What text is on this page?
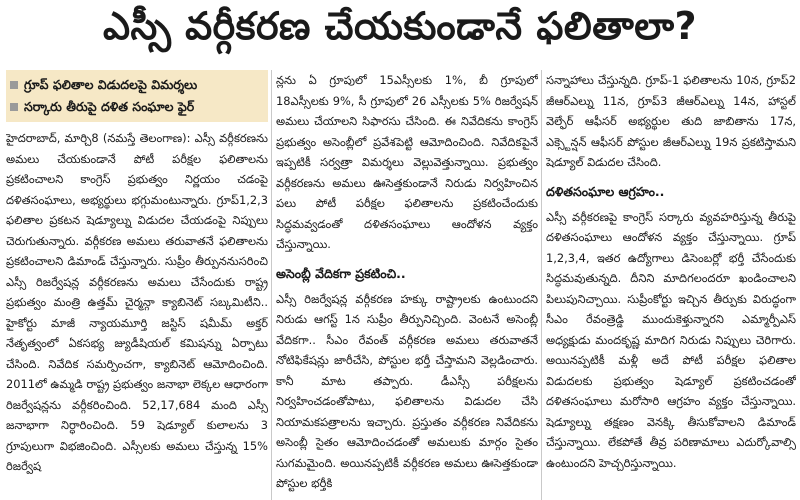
ఎస్సీ వర్గీకరణ చేయకుండానే ఫలితాలా?
గ్రూప్ ఫలితాల విడుదలపై విమర్శలు
సర్కారు తీరుపై దళిత సంఘాల ఫైర్

హైదరాబాద్, మార్చి8 (నమస్తే తెలంగాణ): ఎస్సీ వర్గీకరణను అమలు చేయకుండానే పోటీ పరీక్షల ఫలితాలను ప్రకటించాలని కాంగ్రెస్ ప్రభుత్వం నిర్ణయం చడంపై దళితసంఘాలు, అభ్యర్థులు భగ్గుమంటున్నారు. గ్రూప్1,2,3 ఫలితాల ప్రకటన షెడ్యూల్ను విడుదల చేయడంపై నిప్పులు చెరుగుతున్నారు. వర్గీకరణ అమలు తరువాతనే ఫలితాలను ప్రకటించాలని డిమాండ్ చేస్తున్నారు. సుప్రీం తీర్పుననుసరించి ఎస్సీ రిజర్వేషన్ల వర్గీకరణను అమలు చేసేందుకు రాష్ట్ర ప్రభుత్వం మంత్రి ఉత్తమ్ చైర్మన్గా క్యాబినెట్ సబ్కమిటీని.. హైకోర్టు మాజీ న్యాయమూర్తి జస్టిస్ షమీమ్ అక్తర్ నేతృత్వంలో ఏకసభ్య జ్యుడీషియల్ కమిషన్ను ఏర్పాటు చేసింది. నివేదిక సమర్పించగా, క్యాబినెట్ ఆమోదించింది. 2011లో ఉమ్మడి రాష్ట్ర ప్రభుత్వం జనాభా లెక్కల ఆధారంగా రిజర్వేషన్లను వర్గీకరించింది. 52,17,684 మంది ఎస్సీ జనాభాగా నిర్ధారించింది. 59 షెడ్యూల్ కులాలను 3 గ్రూపులుగా విభజించింది. ఎస్సీలకు అమలు చేస్తున్న 15% రిజర్వేష

న్లను ఏ గ్రూపులో 15ఎస్సీలకు 1%, బీ గ్రూపులో 18ఎస్సీలకు 9%, సీ గ్రూపులో 26 ఎస్సీలకు 5% రిజర్వేషన్ అమలు చేయాలని సిఫారసు చేసింది. ఈ నివేదికను కాంగ్రెస్ ప్రభుత్వం అసెంబ్లీలో ప్రవేశపెట్టి ఆమోదించింది. నివేదికపైనే ఇప్పటికీ సర్వత్రా విమర్శలు వెల్లువెత్తున్నాయి. ప్రభుత్వం వర్గీకరణను అమలు ఊసెత్తకుండానే నిరుడు నిర్వహించిన పలు పోటీ పరీక్షల ఫలితాలను ప్రకటించేందుకు సిద్ధమవ్వడంతో దళితసంఘాలు ఆందోళన వ్యక్తం చేస్తున్నాయి.

అసెంబ్లీ వేదికగా ప్రకటించి..

ఎస్సీ రిజర్వేషన్ల వర్గీకరణ హక్కు రాష్ట్రాలకు ఉంటుందని నిరుడు ఆగస్ట్ 1న సుప్రీం తీర్పునిచ్చింది. వెంటనే అసెంబ్లీ వేదికగా.. సీఎం రేవంత్ వర్గీకరణ అమలు తరువాతనే నోటిఫికేషన్లు జారీచేసి, పోస్టుల భర్తీ చేస్తామని వెల్లడించారు. కానీ మాట తప్పారు. డీఎస్సీ పరీక్షలను నిర్వహించడంతోపాటు, ఫలితాలను విడుదల చేసి నియామకపత్రాలను ఇచ్చారు. ప్రస్తుతం వర్గీకరణ నివేదికను అసెంబ్లీ సైతం ఆమోదించడంతో అమలుకు మార్గం సైతం సుగమమైంది. అయినప్పటికీ వర్గీకరణ అమలు ఊసెత్తకుండా పోస్టుల భర్తీకి

సన్నాహాలు చేస్తున్నది. గ్రూప్-1 ఫలితాలను 10న, గ్రూప్2 జీఆర్ఎల్ను 11న, గ్రూప్3 జీఆర్ఎల్ను 14న, హాస్టల్ వెల్ఫేర్ ఆఫీసర్ అభ్యర్థుల తుది జాబితాను 17న, ఎక్స్టెన్షన్ ఆఫీసర్ పోస్టుల జీఆర్ఎల్ను 19న ప్రకటిస్తామని షెడ్యూల్ విడుదల చేసింది.

దళితసంఘాల ఆగ్రహం..

ఎస్సీ వర్గీకరణపై కాంగ్రెస్ సర్కారు వ్యవహరిస్తున్న తీరుపై దళితసంఘాలు ఆందోళన వ్యక్తం చేస్తున్నాయి. గ్రూప్ 1,2,3,4, ఇతర ఉద్యోగాలు డిసెంబర్లో భర్తీ చేసేందుకు సిద్ధమవుతున్నది. దీనిని మాదిగలందరూ ఖండించాలని పిలుపునిచ్చాయి. సుప్రీంకోర్టు ఇచ్చిన తీర్పుకు విరుద్ధంగా సీఎం రేవంత్రెడ్డి ముందుకెళ్తున్నారని ఎమ్మార్పీఎస్ అధ్యక్షుడు మందకృష్ణ మాదిగ నిరుడు నిప్పులు చెరిగారు. అయినప్పటికీ మళ్లీ అదే పోటీ పరీక్షల ఫలితాల విడుదలకు ప్రభుత్వం షెడ్యూల్ ప్రకటించడంతో దళితసంఘాలు మరోసారి ఆగ్రహం వ్యక్తం చేస్తున్నాయి. షెడ్యూల్ను తక్షణం వెనక్కి తీసుకోవాలని డిమాండ్ చేస్తున్నాయి. లేకపోతే తీవ్ర పరిణామాలు ఎదుర్కోవాల్సి ఉంటుందని హెచ్చరిస్తున్నాయి.
